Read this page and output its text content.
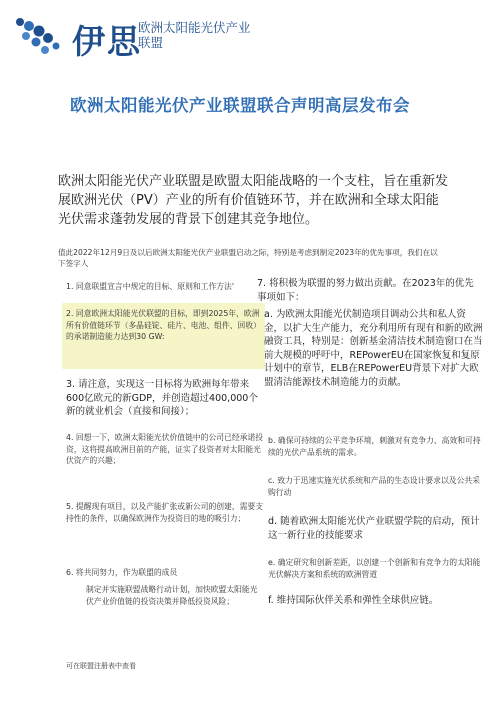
伊思
欧洲太阳能光伏产业联盟
欧洲太阳能光伏产业联盟联合声明高层发布会
欧洲太阳能光伏产业联盟是欧盟太阳能战略的一个支柱，旨在重新发展欧洲光伏（PV）产业的所有价值链环节，并在欧洲和全球太阳能光伏需求蓬勃发展的背景下创建其竞争地位。
值此2022年12月9日及以后欧洲太阳能光伏产业联盟启动之际，特别是考虑到制定2023年的优先事项，我们在以下签字人
1. 同意联盟宣言中规定的目标、原则和工作方法'
2. 同意欧洲太阳能光伏联盟的目标，即到2025年，欧洲所有价值链环节（多晶硅锭、硅片、电池、组件、回收）的承诺制造能力达到30 GW:
3. 请注意，实现这一目标将为欧洲每年带来600亿欧元的新GDP，并创造超过400,000个新的就业机会（直接和间接）；
4. 回想一下，欧洲太阳能光伏价值链中的公司已经承诺投资，这将提高欧洲目前的产能，证实了投资者对太阳能光伏资产的兴趣；
5. 提醒现有项目，以及产能扩张或新公司的创建，需要支持性的条件，以确保欧洲作为投资目的地的吸引力；
6. 将共同努力，作为联盟的成员
制定并实施联盟战略行动计划，加快欧盟太阳能光伏产业价值链的投资决策并降低投资风险；
7. 将积极为联盟的努力做出贡献。在2023年的优先事项如下：
a. 为欧洲太阳能光伏制造项目调动公共和私人资金，以扩大生产能力，充分利用所有现有和新的欧洲融资工具，特别是：创新基金清洁技术制造窗口在当前大规模的呼吁中，REPowerEU在国家恢复和复原计划中的章节，ELB在REPowerEU背景下对扩大欧盟清洁能源技术制造能力的贡献。
b. 确保可持续的公平竞争环境，刺激对有竞争力、高效和可持续的光伏产品系统的需求。
c. 致力于迅速实施光伏系统和产品的生态设计要求以及公共采购行动
d. 随着欧洲太阳能光伏产业联盟学院的启动，预计这一新行业的技能要求
e. 确定研究和创新差距，以创建一个创新和有竞争力的太阳能光伏解决方案和系统的欧洲管道
f. 维持国际伙伴关系和弹性全球供应链。
可在联盟注册表中查看
